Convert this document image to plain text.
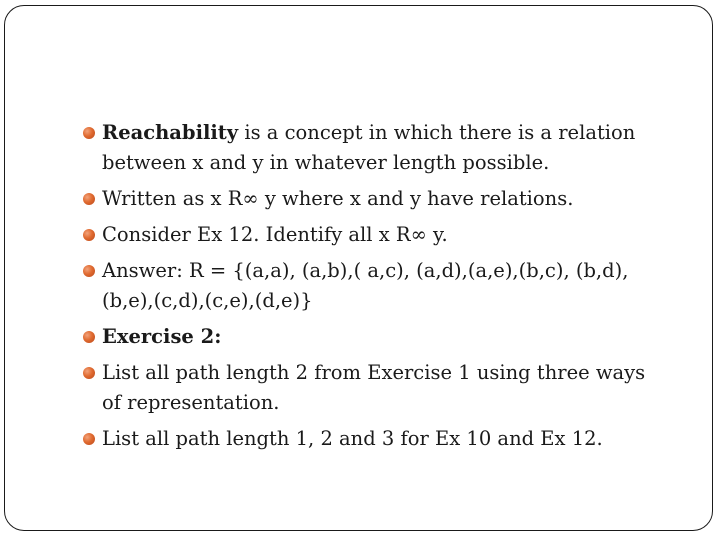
Reachability is a concept in which there is a relation between x and y in whatever length possible.
Written as x R∞ y where x and y have relations.
Consider Ex 12. Identify all x R∞ y.
Answer: R = {(a,a), (a,b),( a,c), (a,d),(a,e),(b,c), (b,d),(b,e),(c,d),(c,e),(d,e)}
Exercise 2:
List all path length 2 from Exercise 1 using three ways of representation.
List all path length 1, 2 and 3 for Ex 10 and Ex 12.
